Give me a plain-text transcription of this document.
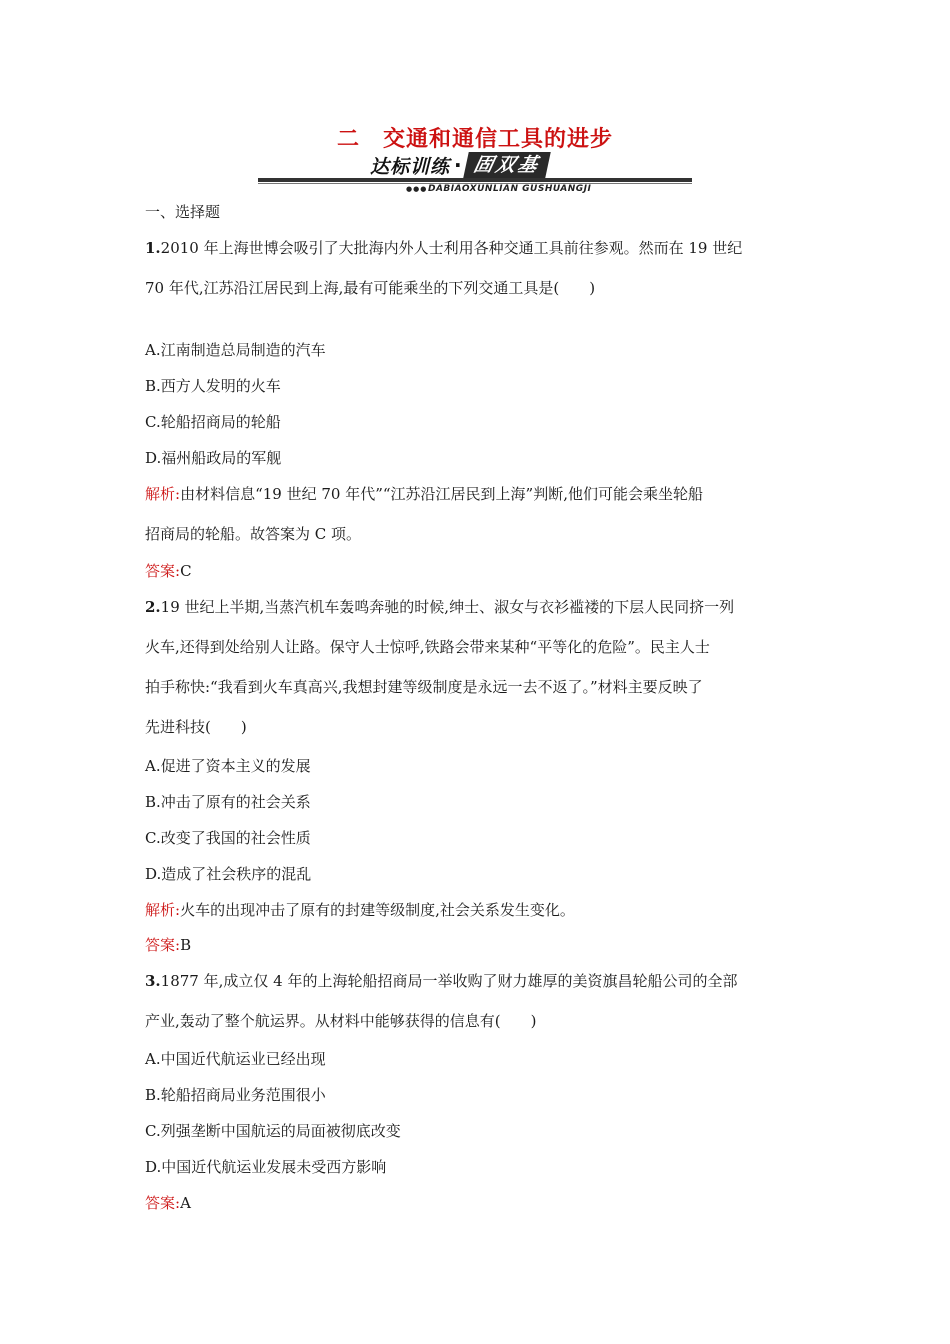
二　交通和通信工具的进步
达标训练 · 固双基
●●● DABIAOXUNLIAN GUSHUANGJI
一、选择题
1.2010 年上海世博会吸引了大批海内外人士利用各种交通工具前往参观。然而在 19 世纪
70 年代,江苏沿江居民到上海,最有可能乘坐的下列交通工具是(　　)
A.江南制造总局制造的汽车
B.西方人发明的火车
C.轮船招商局的轮船
D.福州船政局的军舰
解析:由材料信息“19 世纪 70 年代”“江苏沿江居民到上海”判断,他们可能会乘坐轮船
招商局的轮船。故答案为 C 项。
答案:C
2.19 世纪上半期,当蒸汽机车轰鸣奔驰的时候,绅士、淑女与衣衫褴褛的下层人民同挤一列
火车,还得到处给别人让路。保守人士惊呼,铁路会带来某种“平等化的危险”。民主人士
拍手称快:“我看到火车真高兴,我想封建等级制度是永远一去不返了。”材料主要反映了
先进科技(　　)
A.促进了资本主义的发展
B.冲击了原有的社会关系
C.改变了我国的社会性质
D.造成了社会秩序的混乱
解析:火车的出现冲击了原有的封建等级制度,社会关系发生变化。
答案:B
3.1877 年,成立仅 4 年的上海轮船招商局一举收购了财力雄厚的美资旗昌轮船公司的全部
产业,轰动了整个航运界。从材料中能够获得的信息有(　　)
A.中国近代航运业已经出现
B.轮船招商局业务范围很小
C.列强垄断中国航运的局面被彻底改变
D.中国近代航运业发展未受西方影响
答案:A
